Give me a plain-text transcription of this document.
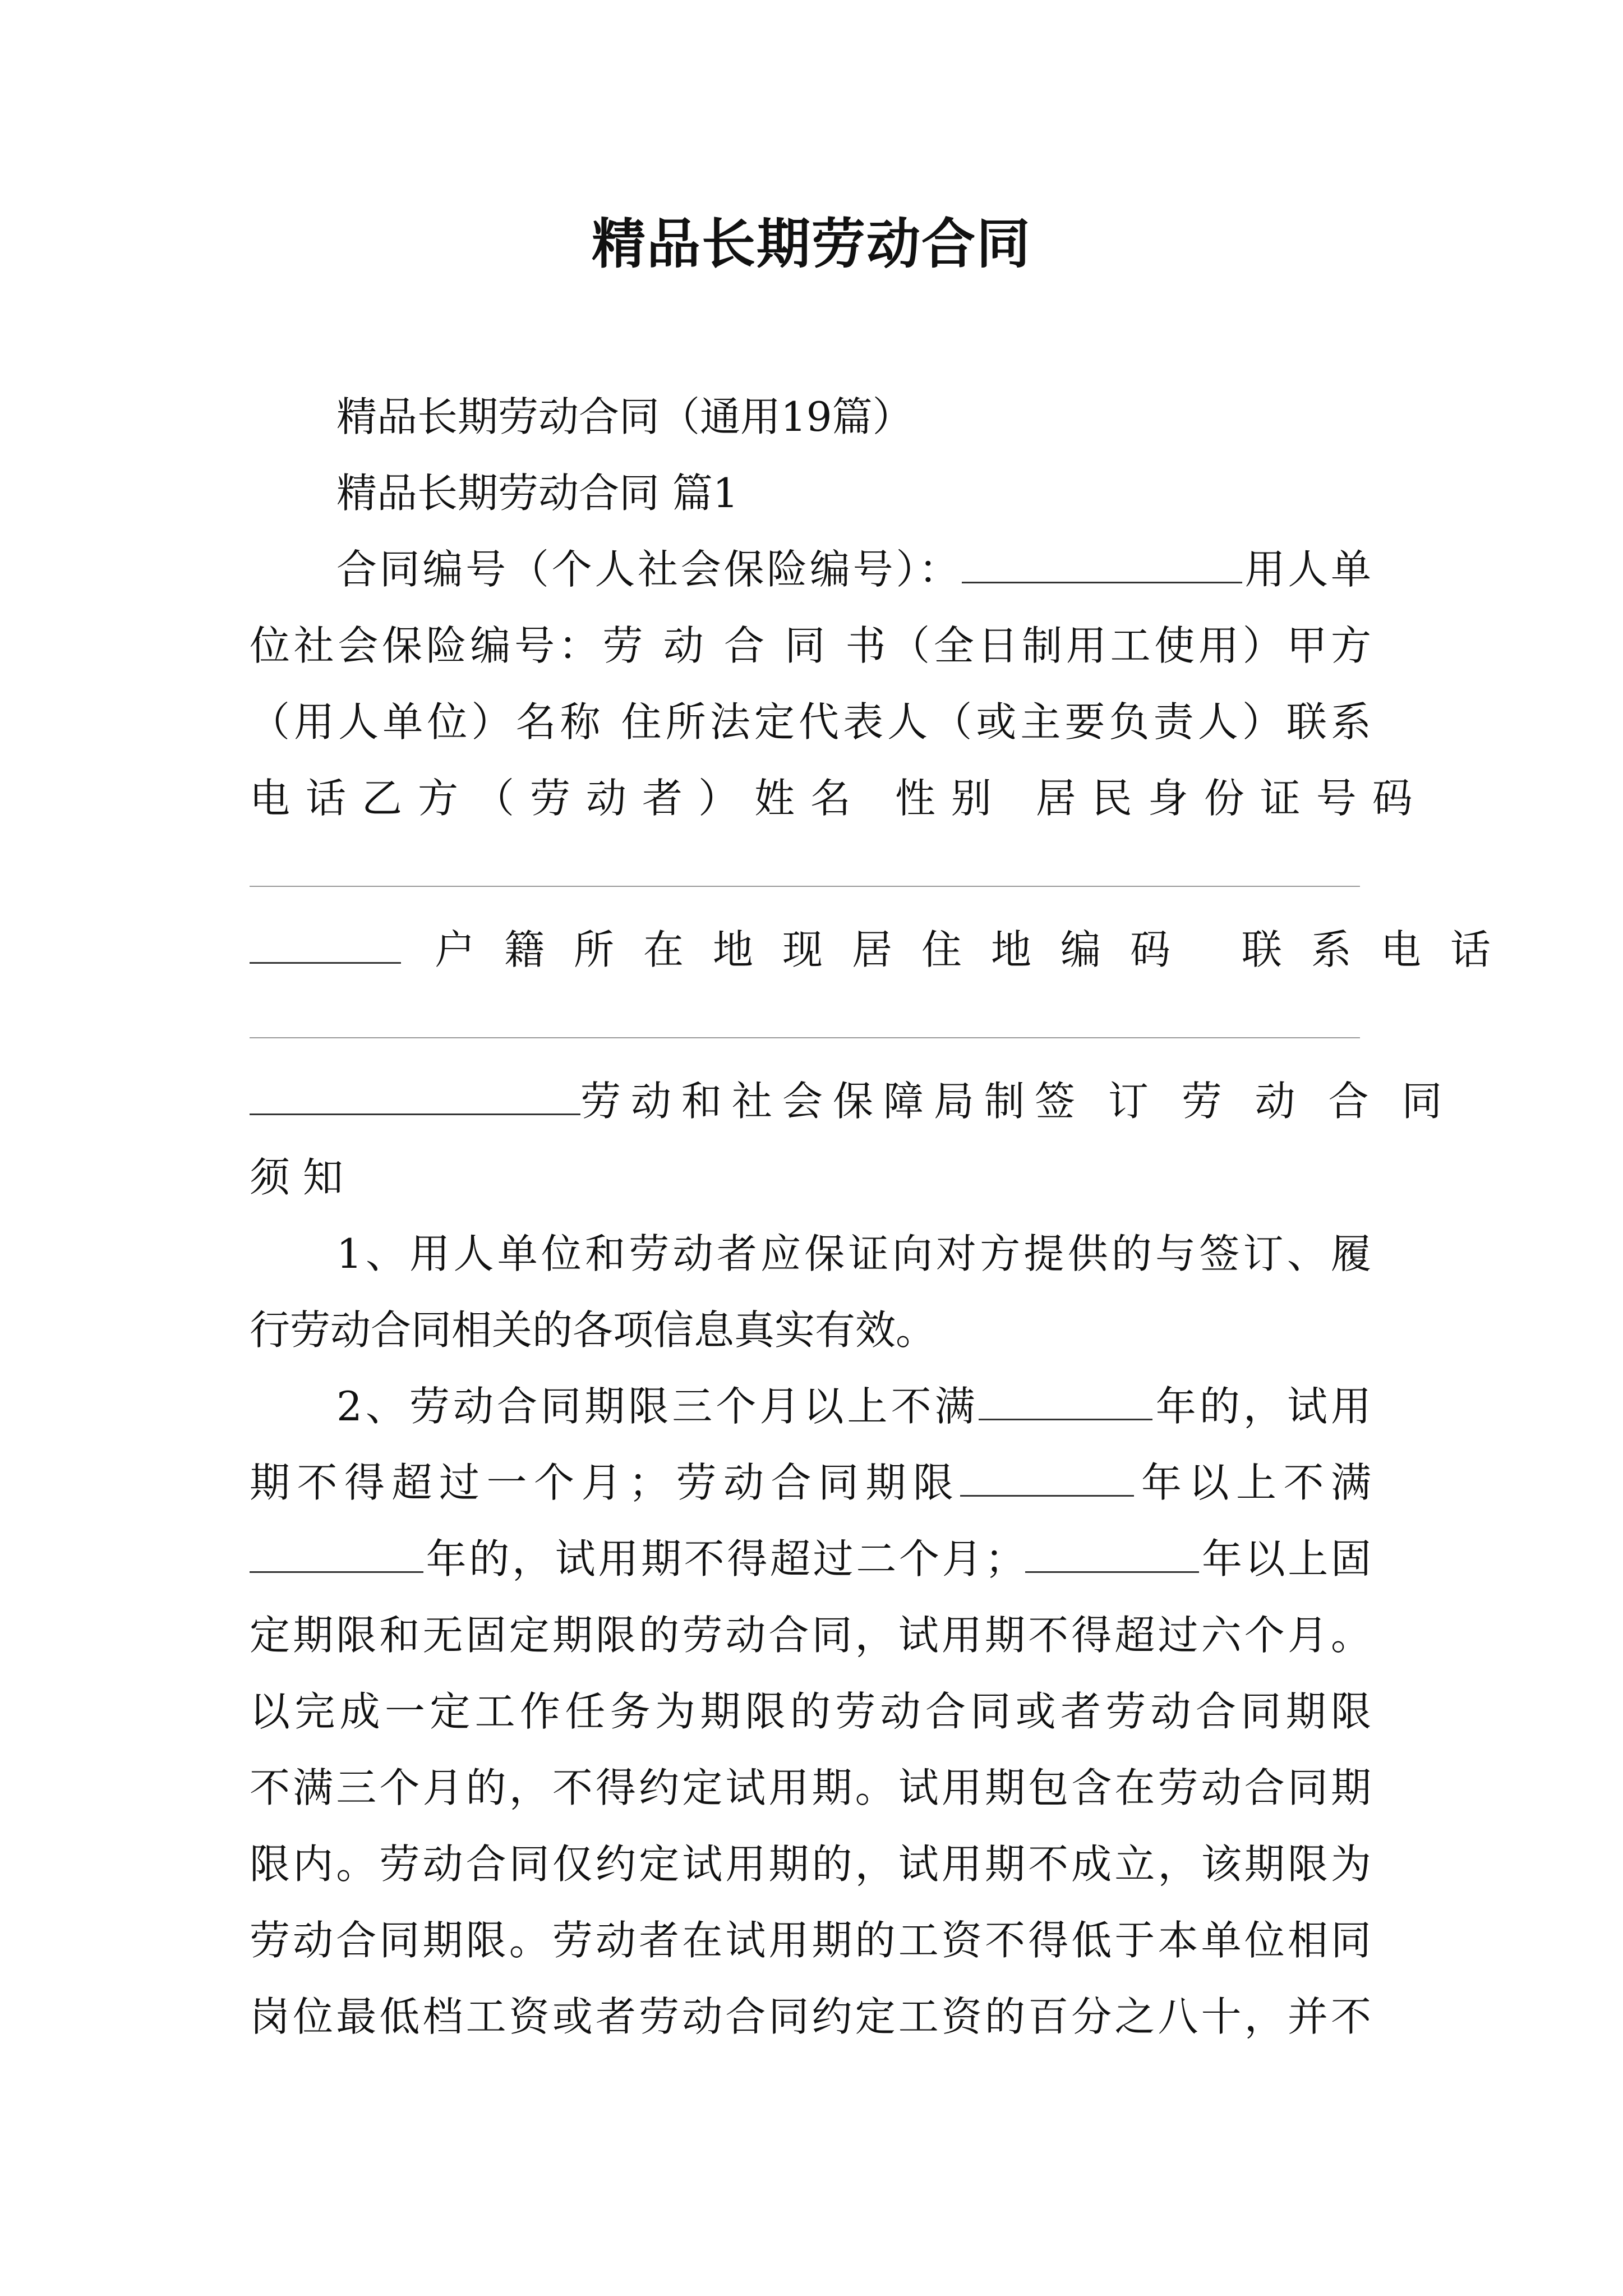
精品长期劳动合同

精品长期劳动合同（通用19篇）

精品长期劳动合同 篇1

合同编号（个人社会保险编号）：	用人单

位社会保险编号：劳 动 合 同 书（全日制用工使用）甲方

（用人单位）名称 住所法定代表人（或主要负责人）联系

电话乙方（劳动者）姓名 性别 居民身份证号码

户籍所在地现居住地编码 联系电话

劳动和社会保障局制签 订 劳 动 合 同

须 知

1、用人单位和劳动者应保证向对方提供的与签订、履

行劳动合同相关的各项信息真实有效。

2、劳动合同期限三个月以上不满	年的，试用

期不得超过一个月；劳动合同期限	年以上不满

年的，试用期不得超过二个月；	年以上固

定期限和无固定期限的劳动合同，试用期不得超过六个月。

以完成一定工作任务为期限的劳动合同或者劳动合同期限

不满三个月的，不得约定试用期。试用期包含在劳动合同期

限内。劳动合同仅约定试用期的，试用期不成立，该期限为

劳动合同期限。劳动者在试用期的工资不得低于本单位相同

岗位最低档工资或者劳动合同约定工资的百分之八十，并不
